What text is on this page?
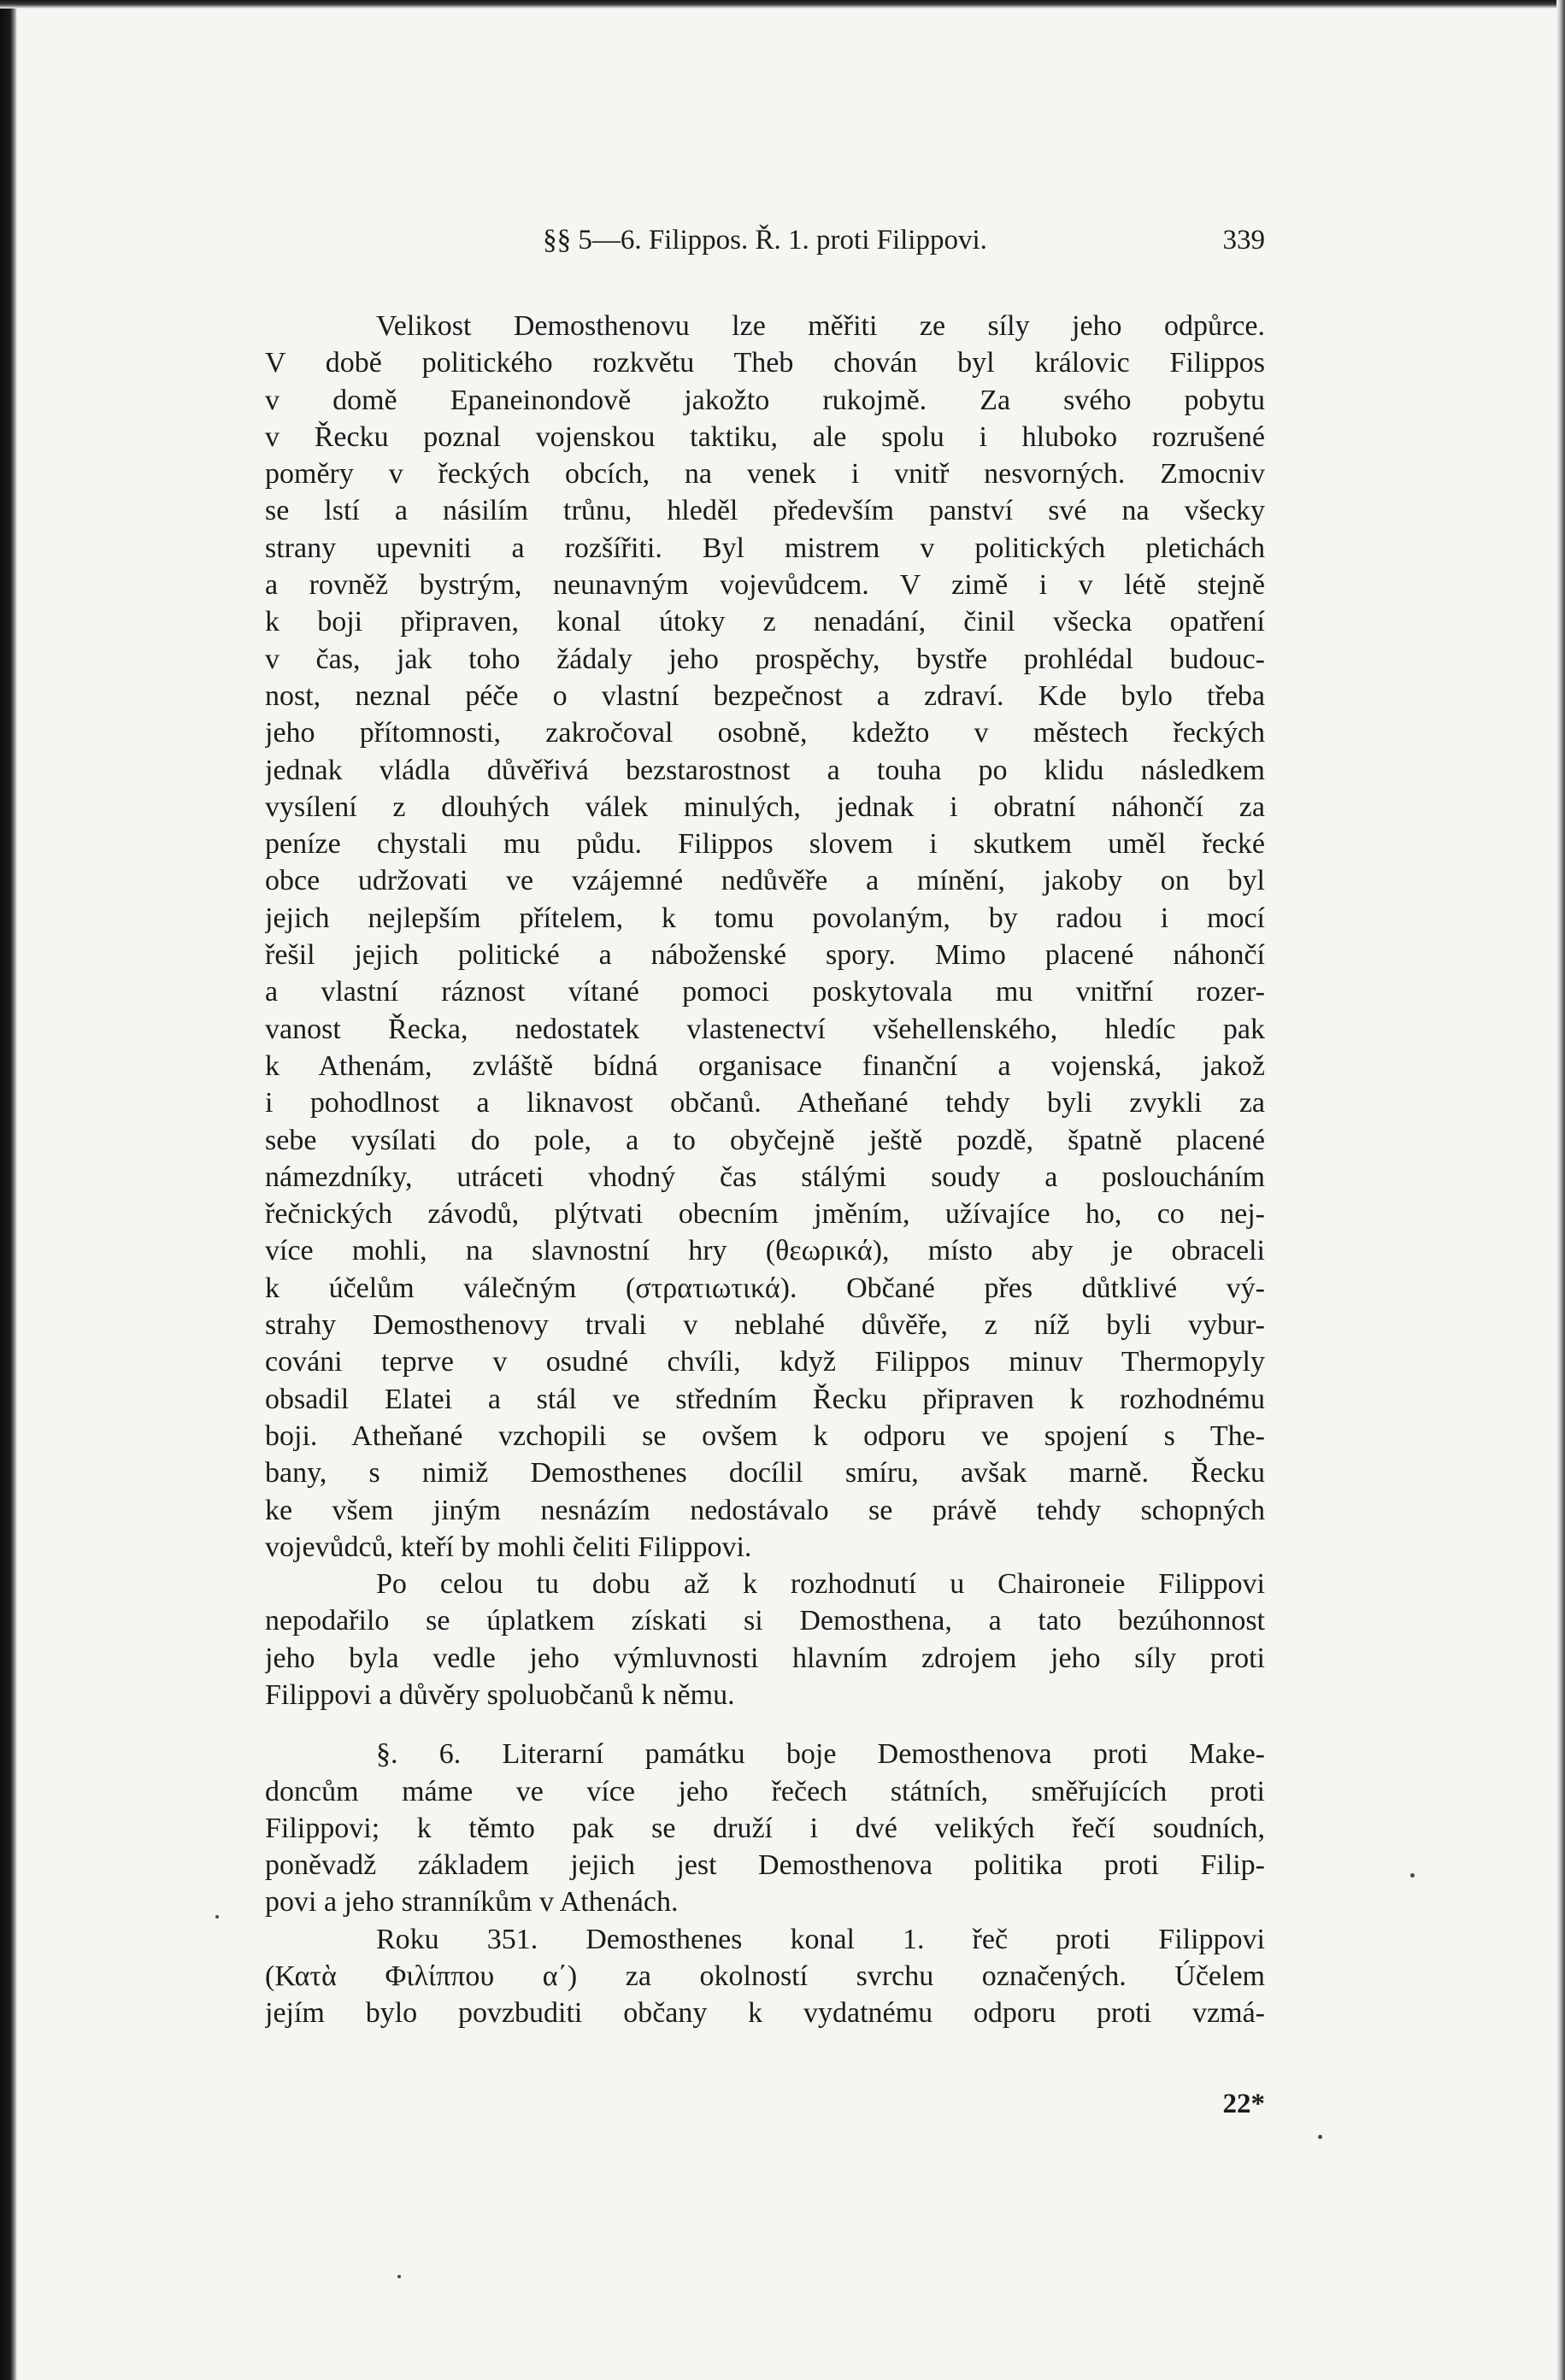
§§ 5—6. Filippos. Ř. 1. proti Filippovi.	339
Velikost Demosthenovu lze měřiti ze síly jeho odpůrce.
V době politického rozkvětu Theb chován byl královic Filippos
v domě Epaneinondově jakožto rukojmě. Za svého pobytu
v Řecku poznal vojenskou taktiku, ale spolu i hluboko rozrušené
poměry v řeckých obcích, na venek i vnitř nesvorných. Zmocniv
se lstí a násilím trůnu, hleděl především panství své na všecky
strany upevniti a rozšířiti. Byl mistrem v politických pletichách
a rovněž bystrým, neunavným vojevůdcem. V zimě i v létě stejně
k boji připraven, konal útoky z nenadání, činil všecka opatření
v čas, jak toho žádaly jeho prospěchy, bystře prohlédal budouc-
nost, neznal péče o vlastní bezpečnost a zdraví. Kde bylo třeba
jeho přítomnosti, zakročoval osobně, kdežto v městech řeckých
jednak vládla důvěřivá bezstarostnost a touha po klidu následkem
vysílení z dlouhých válek minulých, jednak i obratní náhončí za
peníze chystali mu půdu. Filippos slovem i skutkem uměl řecké
obce udržovati ve vzájemné nedůvěře a mínění, jakoby on byl
jejich nejlepším přítelem, k tomu povolaným, by radou i mocí
řešil jejich politické a náboženské spory. Mimo placené náhončí
a vlastní ráznost vítané pomoci poskytovala mu vnitřní rozer-
vanost Řecka, nedostatek vlastenectví všehellenského, hledíc pak
k Athenám, zvláště bídná organisace finanční a vojenská, jakož
i pohodlnost a liknavost občanů. Atheňané tehdy byli zvykli za
sebe vysílati do pole, a to obyčejně ještě pozdě, špatně placené
námezdníky, utráceti vhodný čas stálými soudy a posloucháním
řečnických závodů, plýtvati obecním jměním, užívajíce ho, co nej-
více mohli, na slavnostní hry (θεωρικά), místo aby je obraceli
k účelům válečným (στρατιωτικά). Občané přes důtklivé vý-
strahy Demosthenovy trvali v neblahé důvěře, z níž byli vybur-
cováni teprve v osudné chvíli, když Filippos minuv Thermopyly
obsadil Elatei a stál ve středním Řecku připraven k rozhodnému
boji. Atheňané vzchopili se ovšem k odporu ve spojení s The-
bany, s nimiž Demosthenes docílil smíru, avšak marně. Řecku
ke všem jiným nesnázím nedostávalo se právě tehdy schopných
vojevůdců, kteří by mohli čeliti Filippovi.
Po celou tu dobu až k rozhodnutí u Chaironeie Filippovi
nepodařilo se úplatkem získati si Demosthena, a tato bezúhonnost
jeho byla vedle jeho výmluvnosti hlavním zdrojem jeho síly proti
Filippovi a důvěry spoluobčanů k němu.
§. 6. Literarní památku boje Demosthenova proti Make-
doncům máme ve více jeho řečech státních, směřujících proti
Filippovi; k těmto pak se druží i dvé velikých řečí soudních,
poněvadž základem jejich jest Demosthenova politika proti Filip-
povi a jeho stranníkům v Athenách.
Roku 351. Demosthenes konal 1. řeč proti Filippovi
(Κατὰ Φιλίππου α΄) za okolností svrchu označených. Účelem
jejím bylo povzbuditi občany k vydatnému odporu proti vzmá-
22*
